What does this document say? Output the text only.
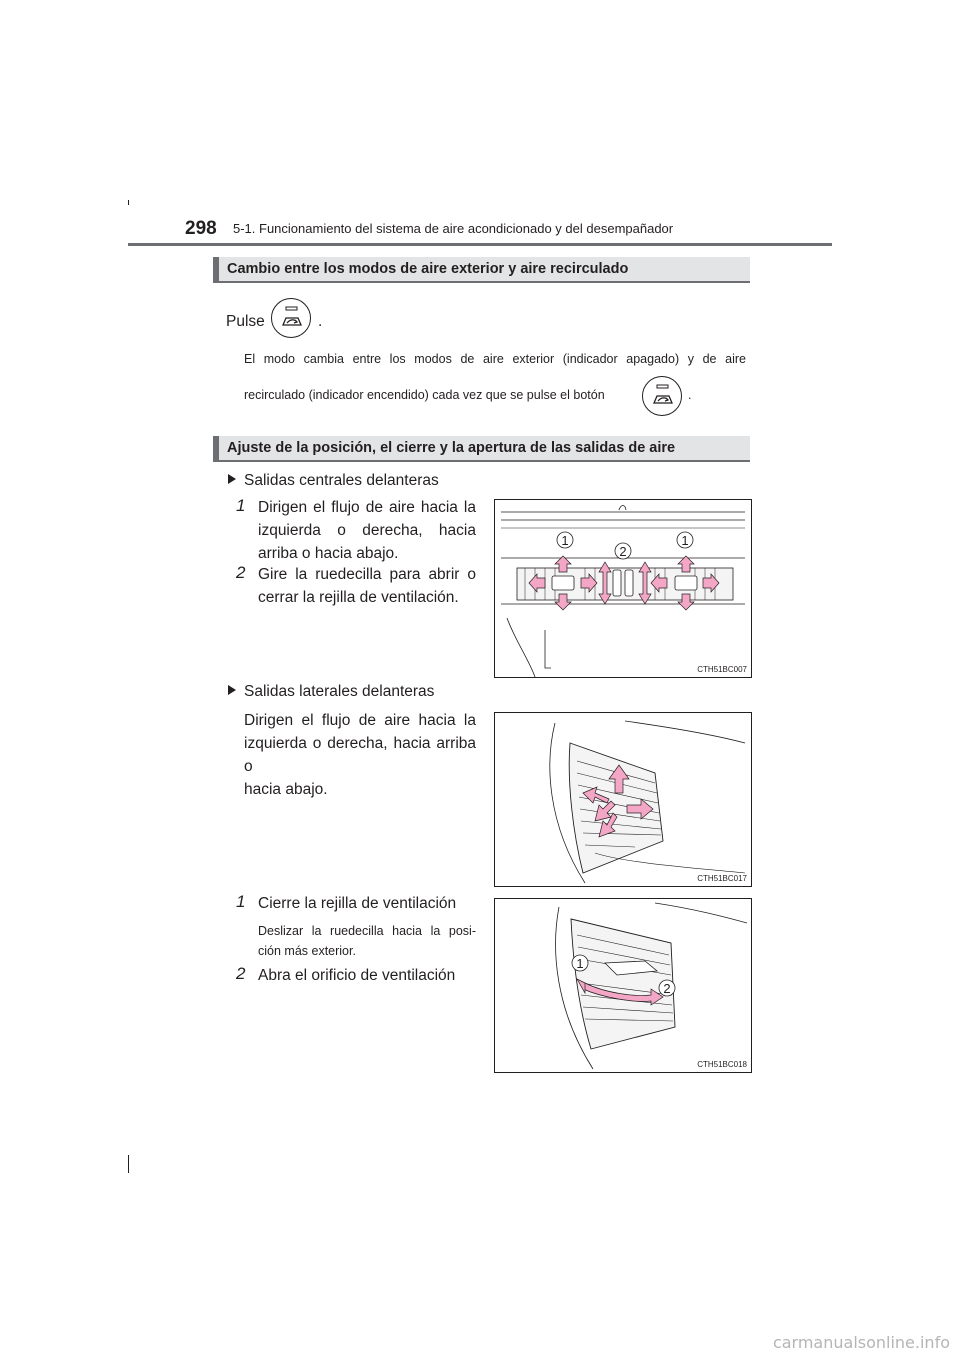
298 5-1. Funcionamiento del sistema de aire acondicionado y del desempañador
Cambio entre los modos de aire exterior y aire recirculado
Pulse	.
El modo cambia entre los modos de aire exterior (indicador apagado) y de aire
recirculado (indicador encendido) cada vez que se pulse el botón	.
Ajuste de la posición, el cierre y la apertura de las salidas de aire
Salidas centrales delanteras
1 Dirigen el flujo de aire hacia la
izquierda o derecha, hacia
arriba o hacia abajo.
2 Gire la ruedecilla para abrir o
cerrar la rejilla de ventilación.
1
2
1
CTH51BC007
Salidas laterales delanteras
Dirigen el flujo de aire hacia la
izquierda o derecha, hacia arriba o
hacia abajo.
CTH51BC017
1 Cierre la rejilla de ventilación
Deslizar la ruedecilla hacia la posi-
ción más exterior.
2 Abra el orificio de ventilación
1
2
CTH51BC018
carmanualsonline.info
